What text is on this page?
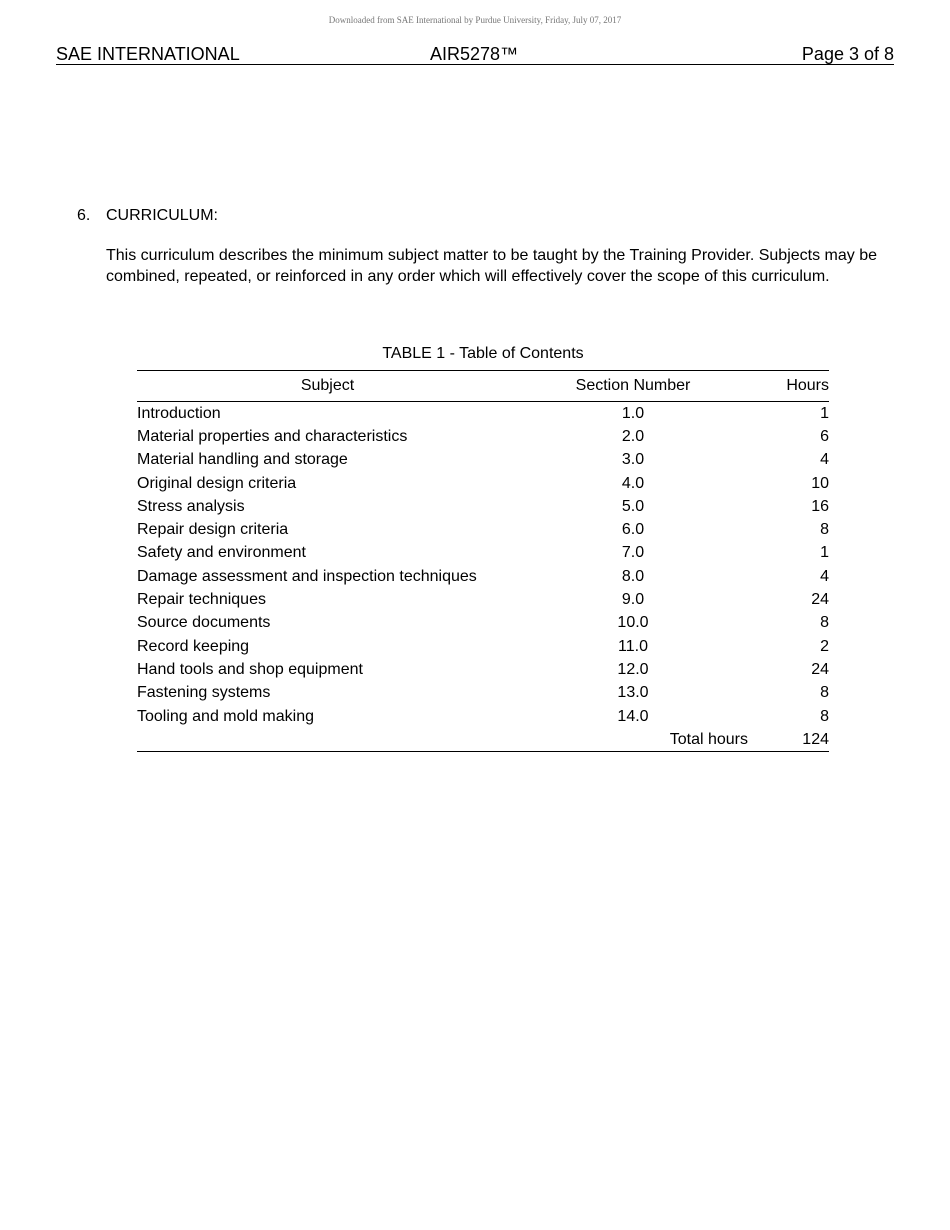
Downloaded from SAE International by Purdue University, Friday, July 07, 2017
SAE INTERNATIONAL	AIR5278™	Page 3 of 8
6. CURRICULUM:
This curriculum describes the minimum subject matter to be taught by the Training Provider. Subjects may be combined, repeated, or reinforced in any order which will effectively cover the scope of this curriculum.
TABLE 1 - Table of Contents
Subject	Section Number	Hours
Introduction	1.0	1
Material properties and characteristics	2.0	6
Material handling and storage	3.0	4
Original design criteria	4.0	10
Stress analysis	5.0	16
Repair design criteria	6.0	8
Safety and environment	7.0	1
Damage assessment and inspection techniques	8.0	4
Repair techniques	9.0	24
Source documents	10.0	8
Record keeping	11.0	2
Hand tools and shop equipment	12.0	24
Fastening systems	13.0	8
Tooling and mold making	14.0	8
	Total hours	124
